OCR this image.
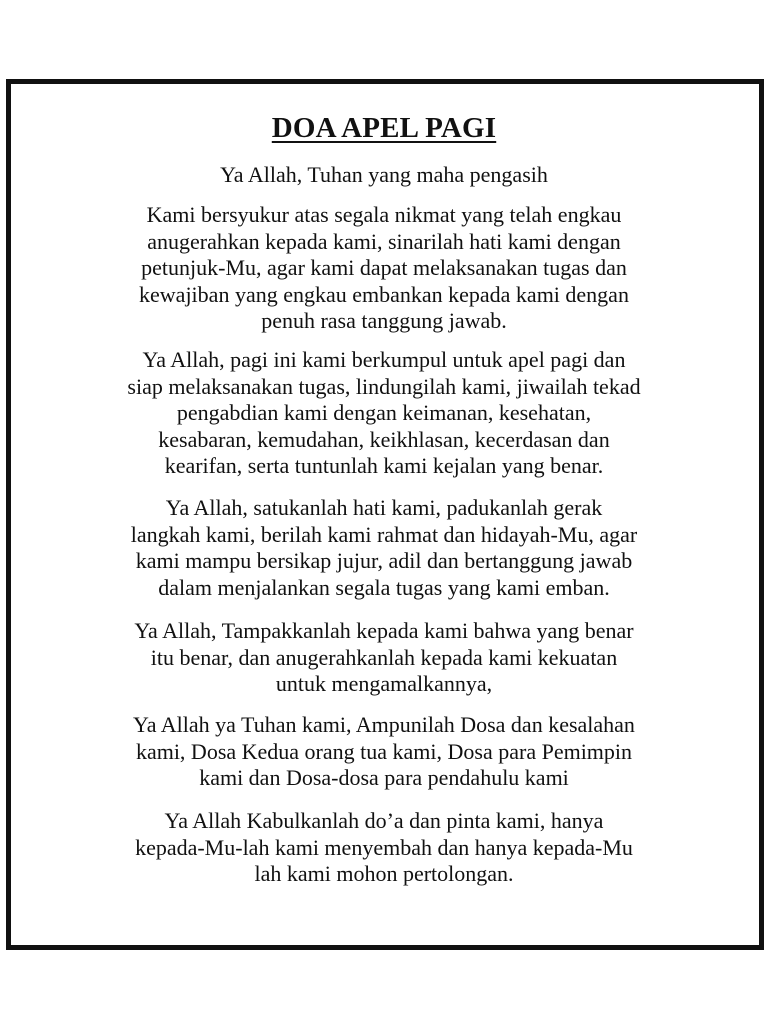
DOA APEL PAGI

Ya Allah, Tuhan yang maha pengasih

Kami bersyukur atas segala nikmat yang telah engkau
anugerahkan kepada kami, sinarilah hati kami dengan
petunjuk-Mu, agar kami dapat melaksanakan tugas dan
kewajiban yang engkau embankan kepada kami dengan
penuh rasa tanggung jawab.

Ya Allah, pagi ini kami berkumpul untuk apel pagi dan
siap melaksanakan tugas, lindungilah kami, jiwailah tekad
pengabdian kami dengan keimanan, kesehatan,
kesabaran, kemudahan, keikhlasan, kecerdasan dan
kearifan, serta tuntunlah kami kejalan yang benar.

Ya Allah, satukanlah hati kami, padukanlah gerak
langkah kami, berilah kami rahmat dan hidayah-Mu, agar
kami mampu bersikap jujur, adil dan bertanggung jawab
dalam menjalankan segala tugas yang kami emban.

Ya Allah, Tampakkanlah kepada kami bahwa yang benar
itu benar, dan anugerahkanlah kepada kami kekuatan
untuk mengamalkannya,

Ya Allah ya Tuhan kami, Ampunilah Dosa dan kesalahan
kami, Dosa Kedua orang tua kami, Dosa para Pemimpin
kami dan Dosa-dosa para pendahulu kami

Ya Allah Kabulkanlah do’a dan pinta kami, hanya
kepada-Mu-lah kami menyembah dan hanya kepada-Mu
lah kami mohon pertolongan.
